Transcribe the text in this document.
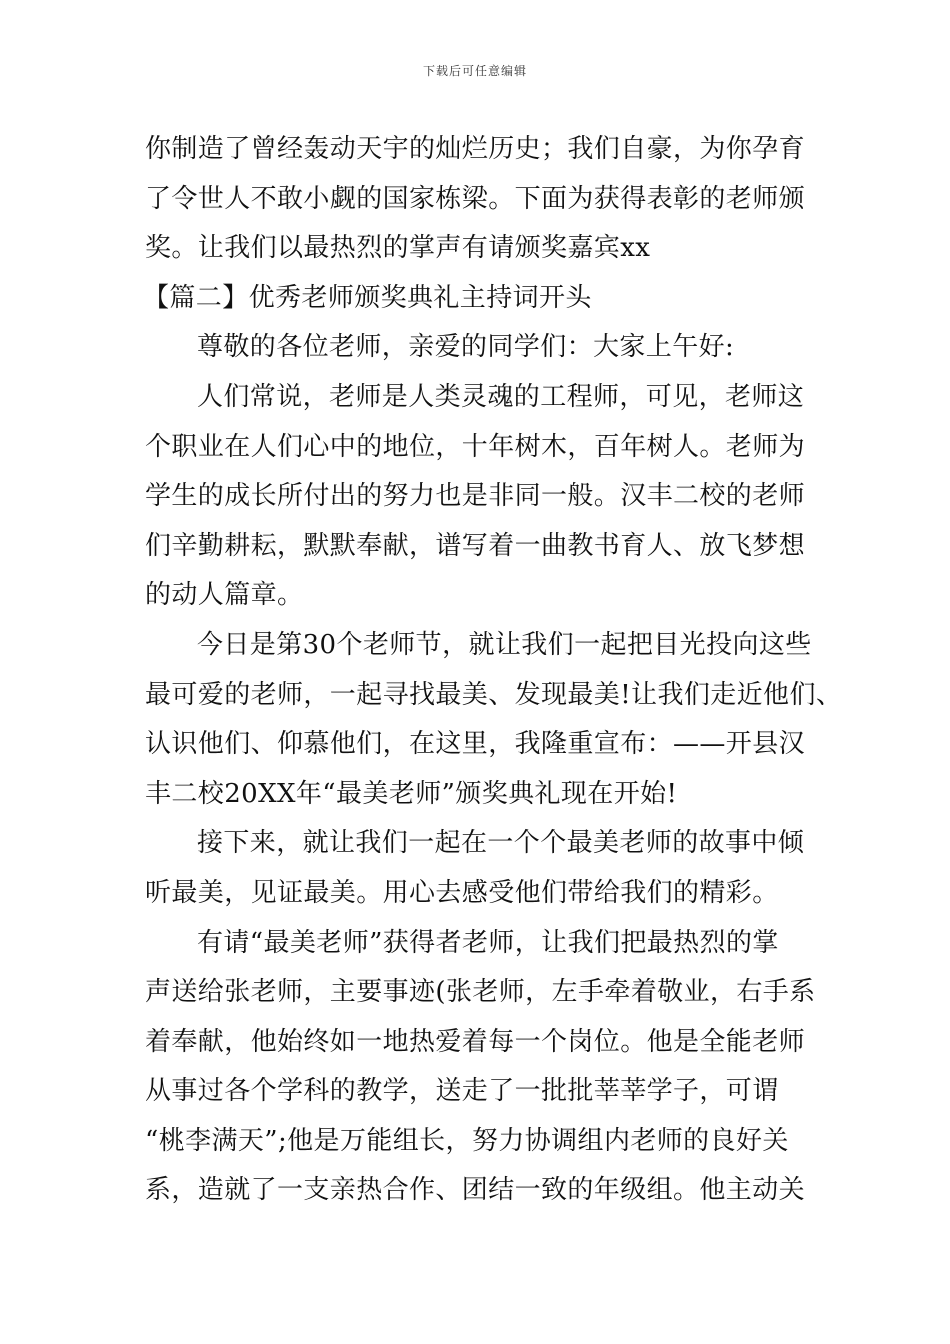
下载后可任意编辑
你制造了曾经轰动天宇的灿烂历史；我们自豪，为你孕育
了令世人不敢小觑的国家栋梁。下面为获得表彰的老师颁
奖。让我们以最热烈的掌声有请颁奖嘉宾xx
【篇二】优秀老师颁奖典礼主持词开头
尊敬的各位老师，亲爱的同学们：大家上午好:
人们常说，老师是人类灵魂的工程师，可见，老师这
个职业在人们心中的地位，十年树木，百年树人。老师为
学生的成长所付出的努力也是非同一般。汉丰二校的老师
们辛勤耕耘，默默奉献，谱写着一曲教书育人、放飞梦想
的动人篇章。
今日是第30个老师节，就让我们一起把目光投向这些
最可爱的老师，一起寻找最美、发现最美!让我们走近他们、
认识他们、仰慕他们，在这里，我隆重宣布：——开县汉
丰二校20XX年“最美老师”颁奖典礼现在开始!
接下来，就让我们一起在一个个最美老师的故事中倾
听最美，见证最美。用心去感受他们带给我们的精彩。
有请“最美老师”获得者老师，让我们把最热烈的掌
声送给张老师，主要事迹(张老师，左手牵着敬业，右手系
着奉献，他始终如一地热爱着每一个岗位。他是全能老师
从事过各个学科的教学，送走了一批批莘莘学子，可谓
“桃李满天”;他是万能组长，努力协调组内老师的良好关
系，造就了一支亲热合作、团结一致的年级组。他主动关
